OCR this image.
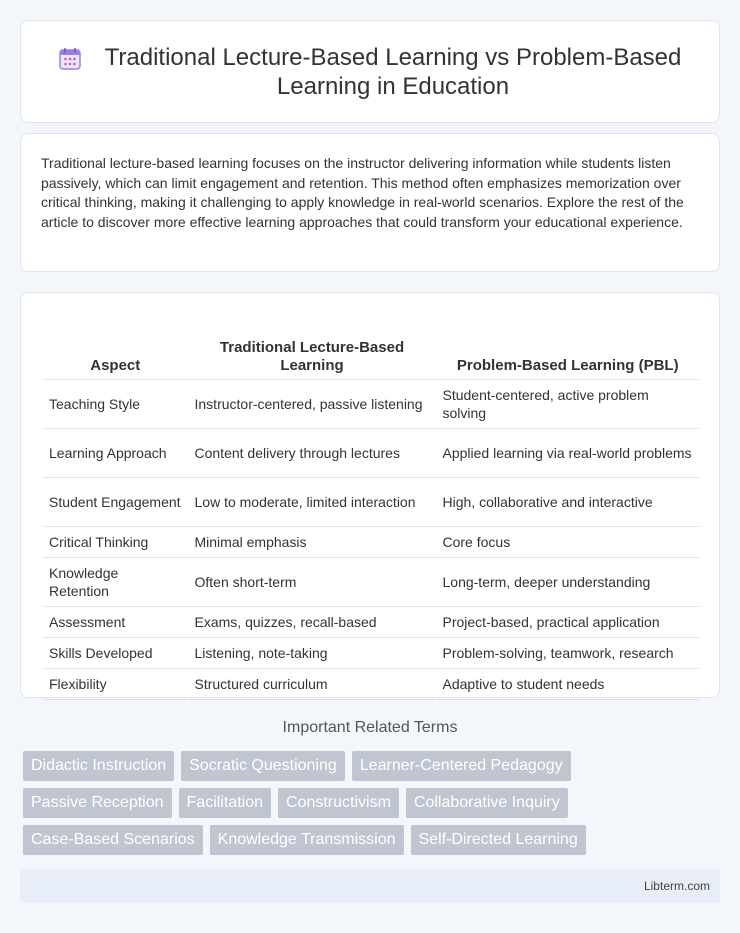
Traditional Lecture-Based Learning vs Problem-Based Learning in Education

Traditional lecture-based learning focuses on the instructor delivering information while students listen passively, which can limit engagement and retention. This method often emphasizes memorization over critical thinking, making it challenging to apply knowledge in real-world scenarios. Explore the rest of the article to discover more effective learning approaches that could transform your educational experience.

Aspect	Traditional Lecture-Based Learning	Problem-Based Learning (PBL)
Teaching Style	Instructor-centered, passive listening	Student-centered, active problem solving
Learning Approach	Content delivery through lectures	Applied learning via real-world problems
Student Engagement	Low to moderate, limited interaction	High, collaborative and interactive
Critical Thinking	Minimal emphasis	Core focus
Knowledge Retention	Often short-term	Long-term, deeper understanding
Assessment	Exams, quizzes, recall-based	Project-based, practical application
Skills Developed	Listening, note-taking	Problem-solving, teamwork, research
Flexibility	Structured curriculum	Adaptive to student needs
Important Related Terms
Didactic Instruction	Socratic Questioning	Learner-Centered Pedagogy
Passive Reception	Facilitation	Constructivism	Collaborative Inquiry
Case-Based Scenarios	Knowledge Transmission	Self-Directed Learning
Libterm.com
